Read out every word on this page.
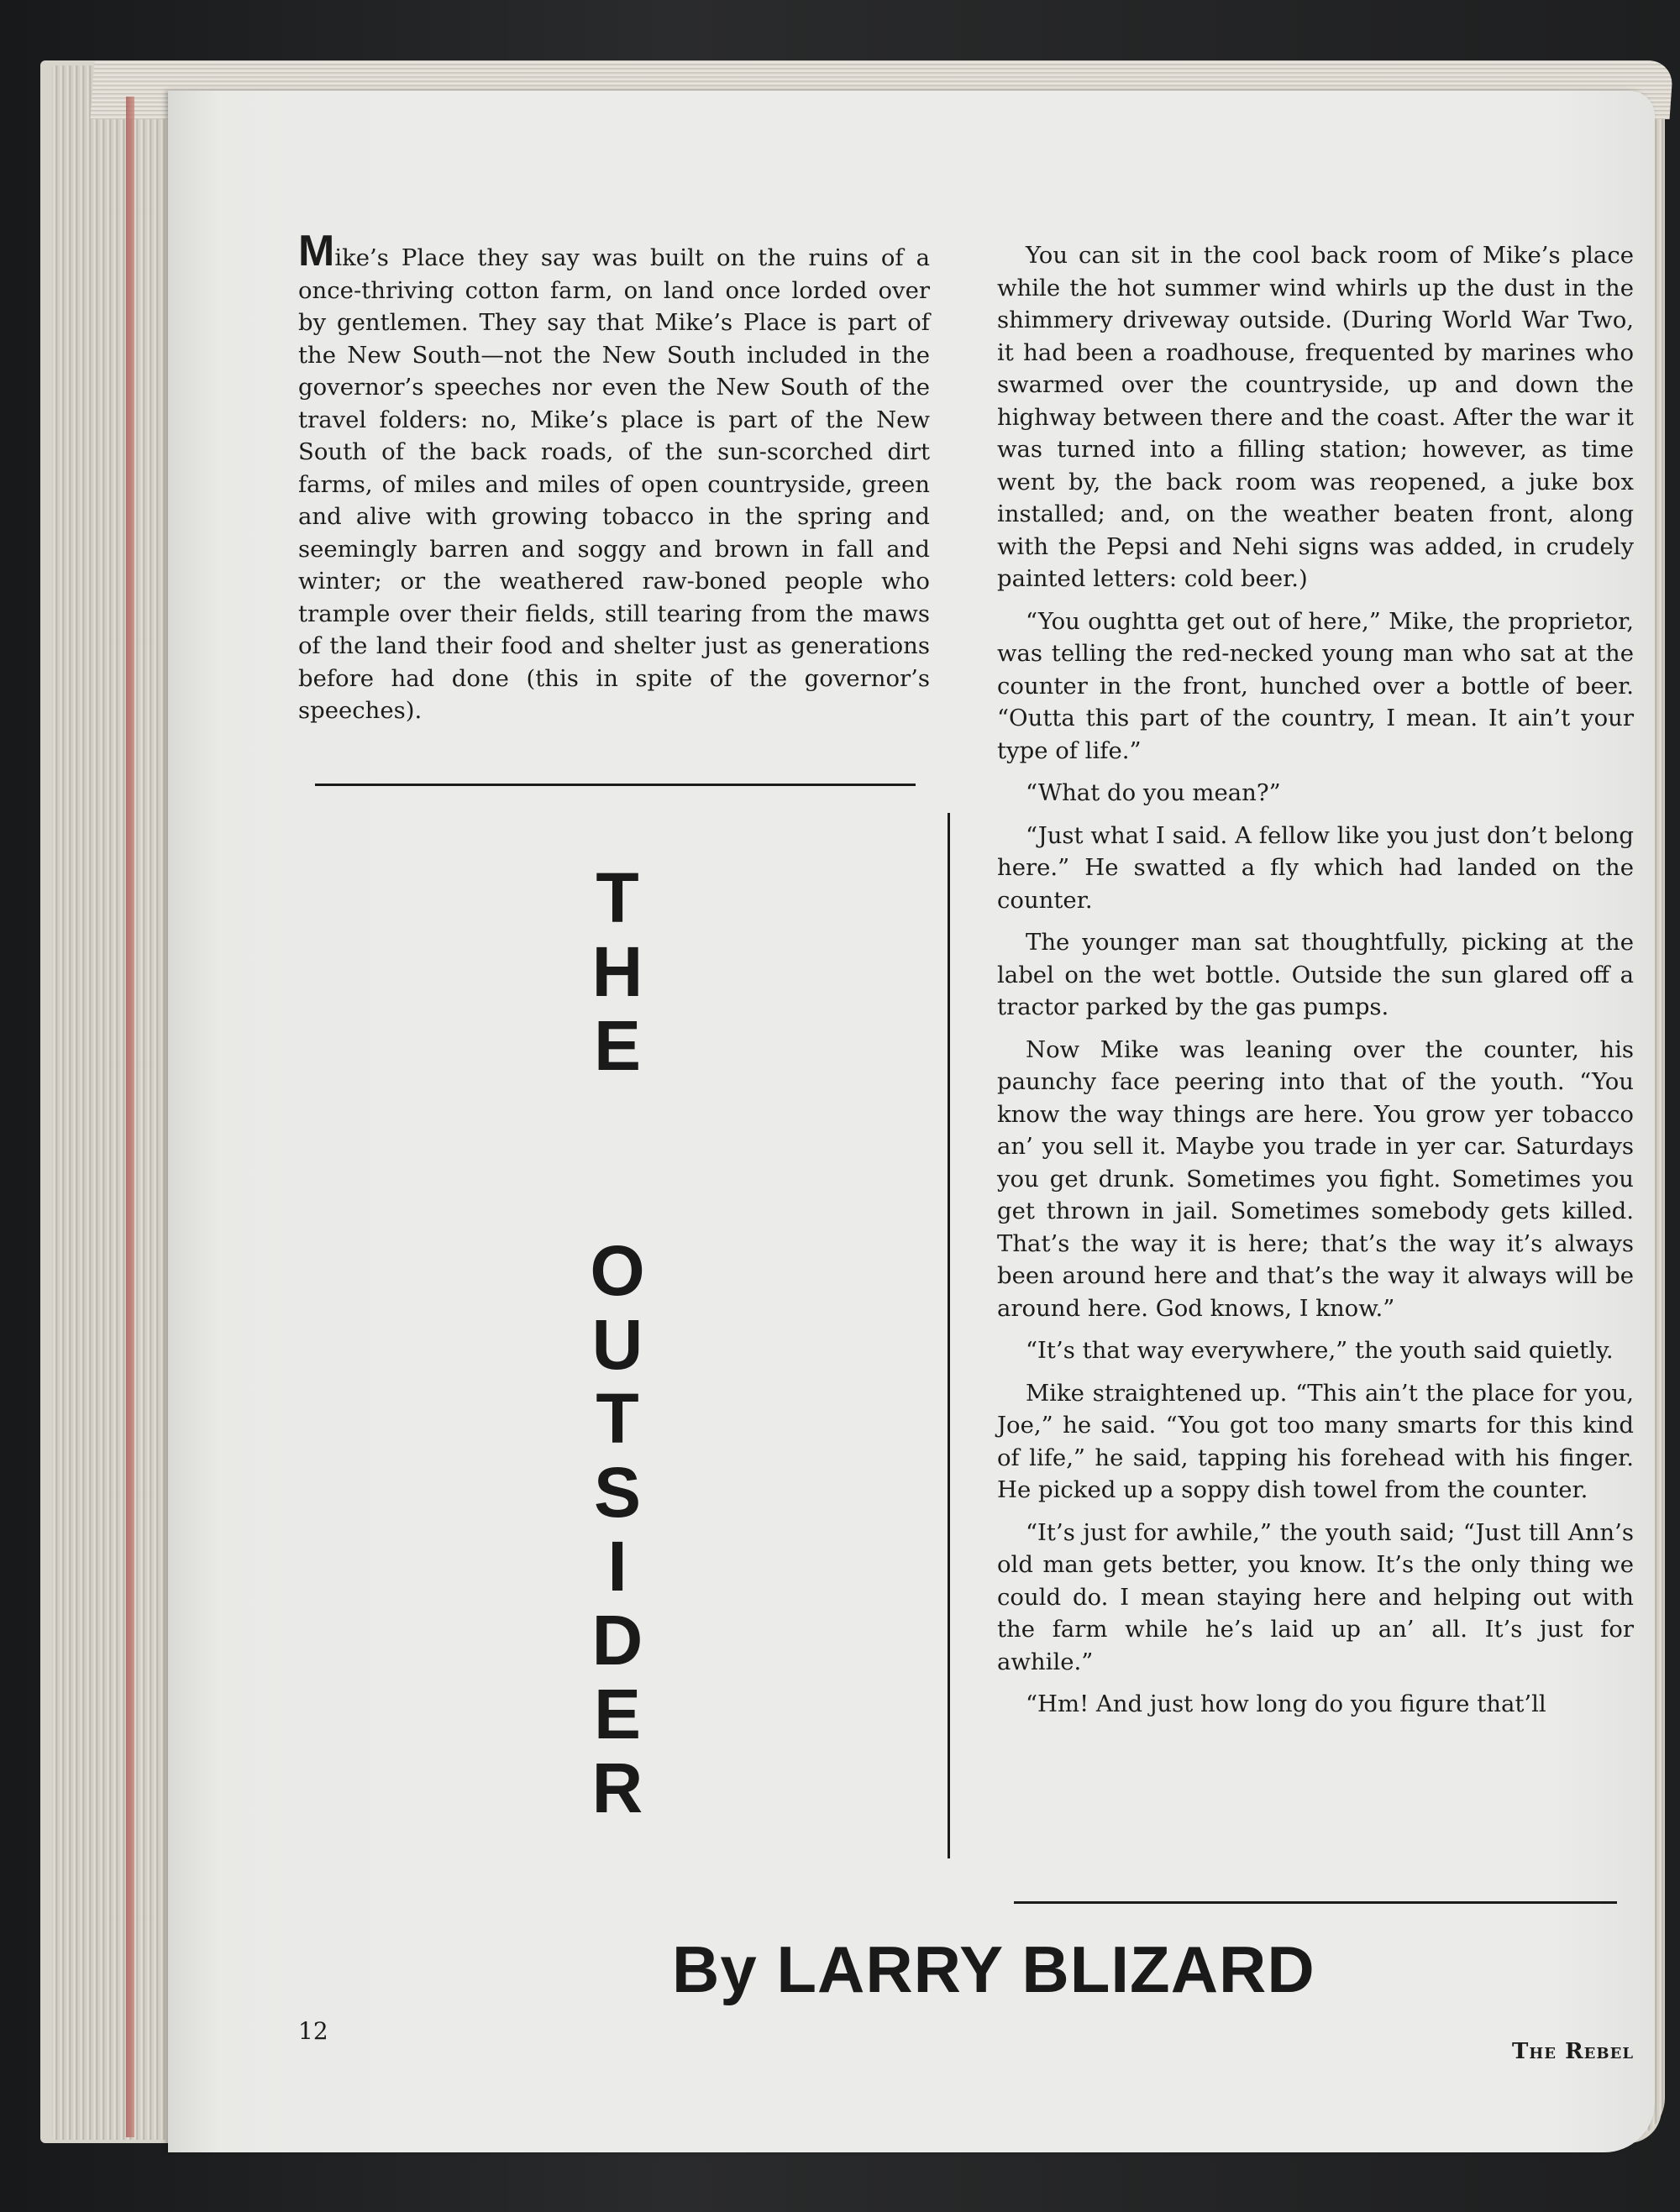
Mike’s Place they say was built on the ruins of a once-thriving cotton farm, on land once lorded over by gentlemen. They say that Mike’s Place is part of the New South—not the New South included in the governor’s speeches nor even the New South of the travel folders: no, Mike’s place is part of the New South of the back roads, of the sun-scorched dirt farms, of miles and miles of open countryside, green and alive with growing tobacco in the spring and seemingly barren and soggy and brown in fall and winter; or the weathered raw-boned people who trample over their fields, still tearing from the maws of the land their food and shelter just as generations before had done (this in spite of the governor’s speeches).

T
H
E
O
U
T
S
I
D
E
R

You can sit in the cool back room of Mike’s place while the hot summer wind whirls up the dust in the shimmery driveway outside. (During World War Two, it had been a roadhouse, frequented by marines who swarmed over the countryside, up and down the highway between there and the coast. After the war it was turned into a filling station; however, as time went by, the back room was reopened, a juke box installed; and, on the weather beaten front, along with the Pepsi and Nehi signs was added, in crudely painted letters: cold beer.)

“You oughtta get out of here,” Mike, the proprietor, was telling the red-necked young man who sat at the counter in the front, hunched over a bottle of beer. “Outta this part of the country, I mean. It ain’t your type of life.”

“What do you mean?”

“Just what I said. A fellow like you just don’t belong here.” He swatted a fly which had landed on the counter.

The younger man sat thoughtfully, picking at the label on the wet bottle. Outside the sun glared off a tractor parked by the gas pumps.

Now Mike was leaning over the counter, his paunchy face peering into that of the youth. “You know the way things are here. You grow yer tobacco an’ you sell it. Maybe you trade in yer car. Saturdays you get drunk. Sometimes you fight. Sometimes you get thrown in jail. Sometimes somebody gets killed. That’s the way it is here; that’s the way it’s always been around here and that’s the way it always will be around here. God knows, I know.”

“It’s that way everywhere,” the youth said quietly.

Mike straightened up. “This ain’t the place for you, Joe,” he said. “You got too many smarts for this kind of life,” he said, tapping his forehead with his finger. He picked up a soppy dish towel from the counter.

“It’s just for awhile,” the youth said; “Just till Ann’s old man gets better, you know. It’s the only thing we could do. I mean staying here and helping out with the farm while he’s laid up an’ all. It’s just for awhile.”

“Hm! And just how long do you figure that’ll

By LARRY BLIZARD
12
The Rebel
